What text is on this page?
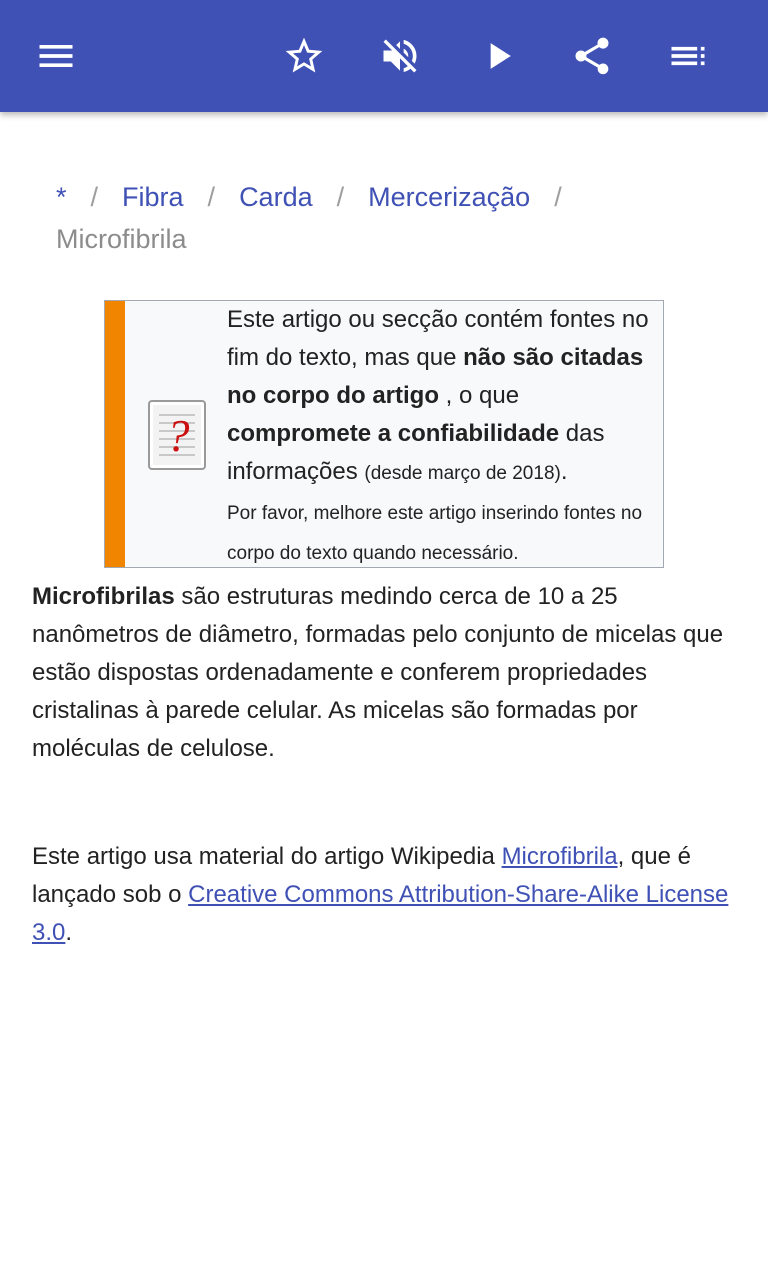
* / Fibra / Carda / Mercerização /
Microfibrila
?
Este artigo ou secção contém fontes no fim do texto, mas que não são citadas no corpo do artigo , o que compromete a confiabilidade das informações (desde março de 2018).
Por favor, melhore este artigo inserindo fontes no corpo do texto quando necessário.
Microfibrilas são estruturas medindo cerca de 10 a 25 nanômetros de diâmetro, formadas pelo conjunto de micelas que estão dispostas ordenadamente e conferem propriedades cristalinas à parede celular. As micelas são formadas por moléculas de celulose.
Este artigo usa material do artigo Wikipedia Microfibrila, que é lançado sob o Creative Commons Attribution-Share-Alike License 3.0.
